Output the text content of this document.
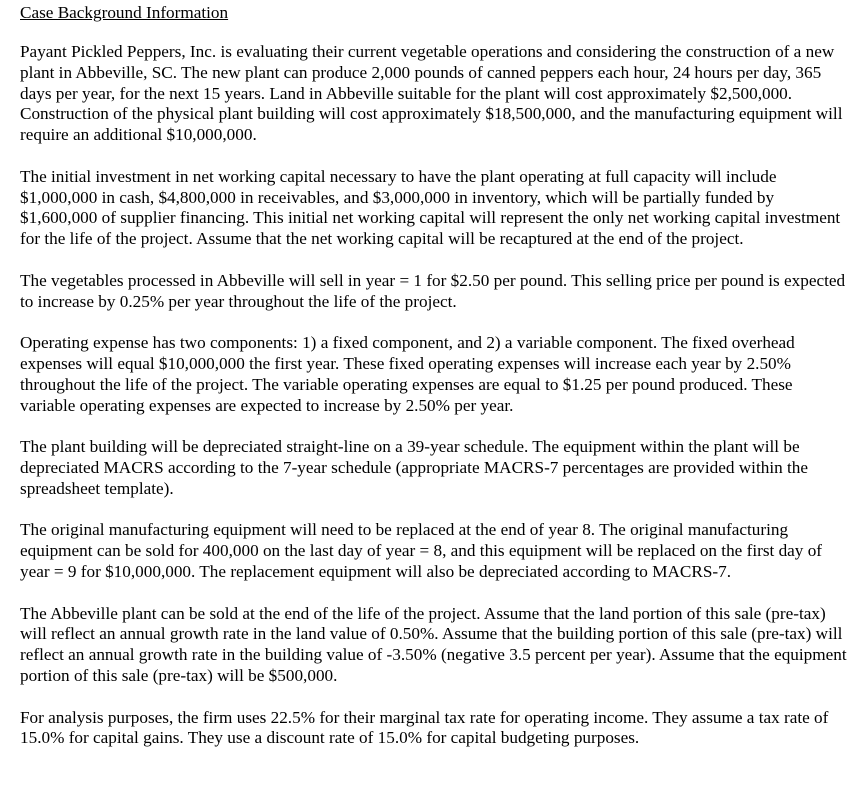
Case Background Information

Payant Pickled Peppers, Inc. is evaluating their current vegetable operations and considering the construction of a new plant in Abbeville, SC. The new plant can produce 2,000 pounds of canned peppers each hour, 24 hours per day, 365 days per year, for the next 15 years. Land in Abbeville suitable for the plant will cost approximately $2,500,000. Construction of the physical plant building will cost approximately $18,500,000, and the manufacturing equipment will require an additional $10,000,000.

The initial investment in net working capital necessary to have the plant operating at full capacity will include $1,000,000 in cash, $4,800,000 in receivables, and $3,000,000 in inventory, which will be partially funded by $1,600,000 of supplier financing. This initial net working capital will represent the only net working capital investment for the life of the project. Assume that the net working capital will be recaptured at the end of the project.

The vegetables processed in Abbeville will sell in year = 1 for $2.50 per pound. This selling price per pound is expected to increase by 0.25% per year throughout the life of the project.

Operating expense has two components: 1) a fixed component, and 2) a variable component. The fixed overhead expenses will equal $10,000,000 the first year. These fixed operating expenses will increase each year by 2.50% throughout the life of the project. The variable operating expenses are equal to $1.25 per pound produced. These variable operating expenses are expected to increase by 2.50% per year.

The plant building will be depreciated straight-line on a 39-year schedule. The equipment within the plant will be depreciated MACRS according to the 7-year schedule (appropriate MACRS-7 percentages are provided within the spreadsheet template).

The original manufacturing equipment will need to be replaced at the end of year 8. The original manufacturing equipment can be sold for 400,000 on the last day of year = 8, and this equipment will be replaced on the first day of year = 9 for $10,000,000. The replacement equipment will also be depreciated according to MACRS-7.

The Abbeville plant can be sold at the end of the life of the project. Assume that the land portion of this sale (pre-tax) will reflect an annual growth rate in the land value of 0.50%. Assume that the building portion of this sale (pre-tax) will reflect an annual growth rate in the building value of -3.50% (negative 3.5 percent per year). Assume that the equipment portion of this sale (pre-tax) will be $500,000.

For analysis purposes, the firm uses 22.5% for their marginal tax rate for operating income. They assume a tax rate of 15.0% for capital gains. They use a discount rate of 15.0% for capital budgeting purposes.
